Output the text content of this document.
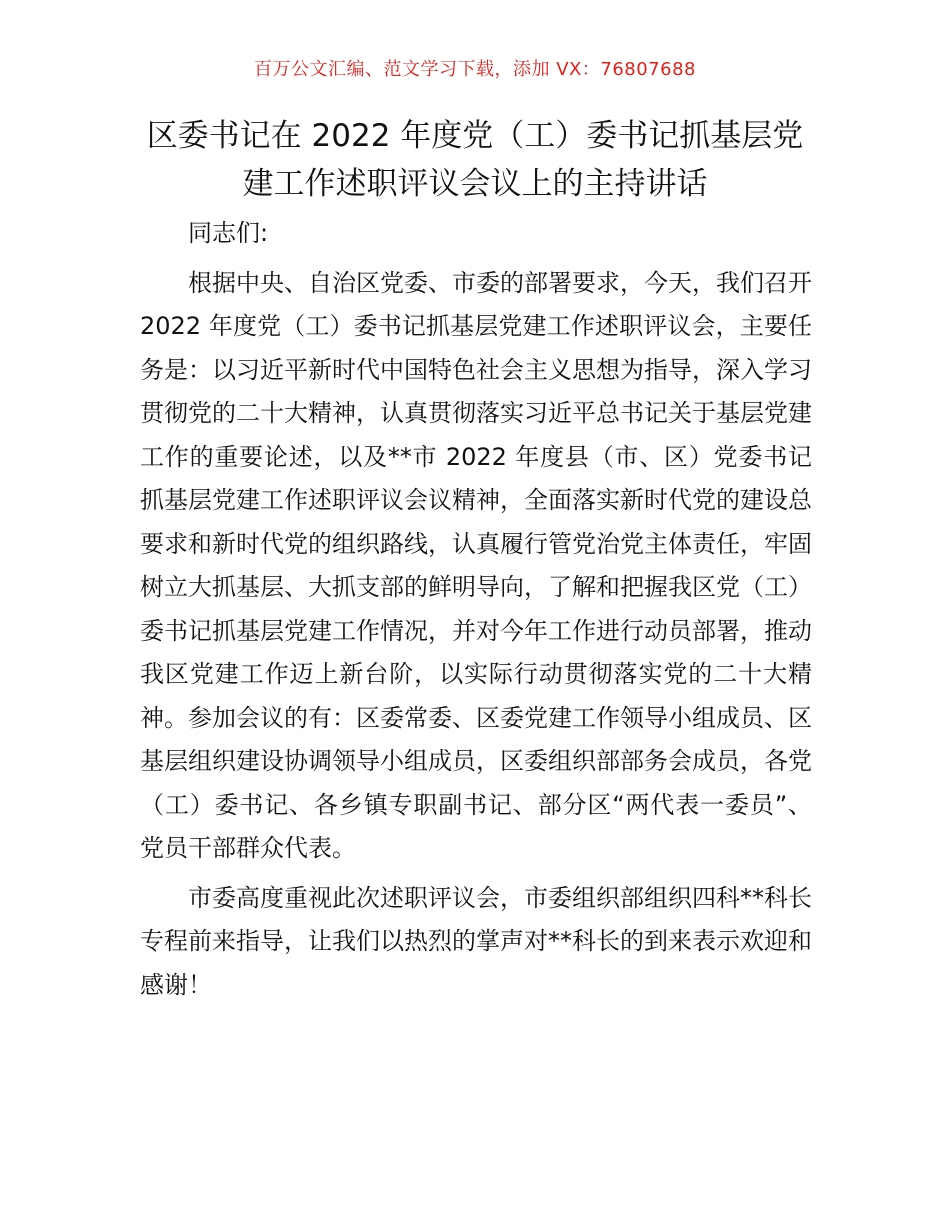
百万公文汇编、范文学习下载，添加 VX：76807688
区委书记在 2022 年度党（工）委书记抓基层党
建工作述职评议会议上的主持讲话

同志们:

根据中央、自治区党委、市委的部署要求，今天，我们召开 2022 年度党（工）委书记抓基层党建工作述职评议会，主要任务是：以习近平新时代中国特色社会主义思想为指导，深入学习贯彻党的二十大精神，认真贯彻落实习近平总书记关于基层党建工作的重要论述，以及**市 2022 年度县（市、区）党委书记抓基层党建工作述职评议会议精神，全面落实新时代党的建设总要求和新时代党的组织路线，认真履行管党治党主体责任，牢固树立大抓基层、大抓支部的鲜明导向，了解和把握我区党（工）委书记抓基层党建工作情况，并对今年工作进行动员部署，推动我区党建工作迈上新台阶，以实际行动贯彻落实党的二十大精神。参加会议的有：区委常委、区委党建工作领导小组成员、区基层组织建设协调领导小组成员，区委组织部部务会成员，各党（工）委书记、各乡镇专职副书记、部分区“两代表一委员”、党员干部群众代表。

市委高度重视此次述职评议会，市委组织部组织四科**科长专程前来指导，让我们以热烈的掌声对**科长的到来表示欢迎和感谢！
